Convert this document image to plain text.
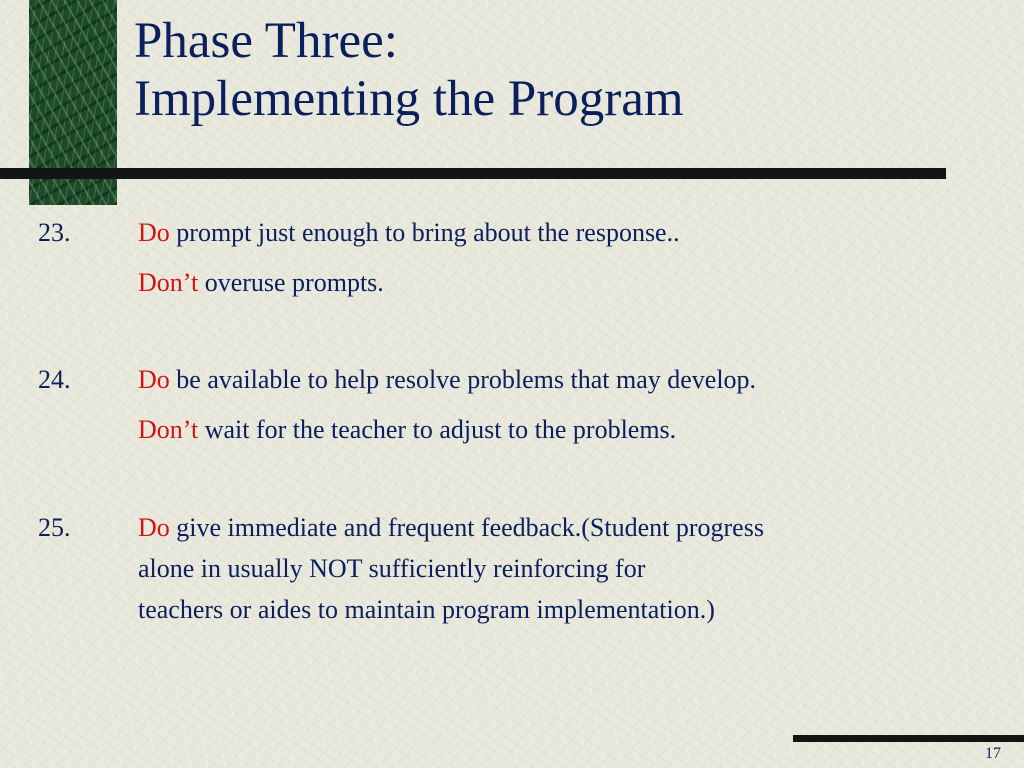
Phase Three:
Implementing the Program
23.	Do prompt just enough to bring about the response..
Don’t overuse prompts.
24.	Do be available to help resolve problems that may develop.
Don’t wait for the teacher to adjust to the problems.
25.	Do give immediate and frequent feedback.(Student progress
alone in usually NOT sufficiently reinforcing for
teachers or aides to maintain program implementation.)
17
